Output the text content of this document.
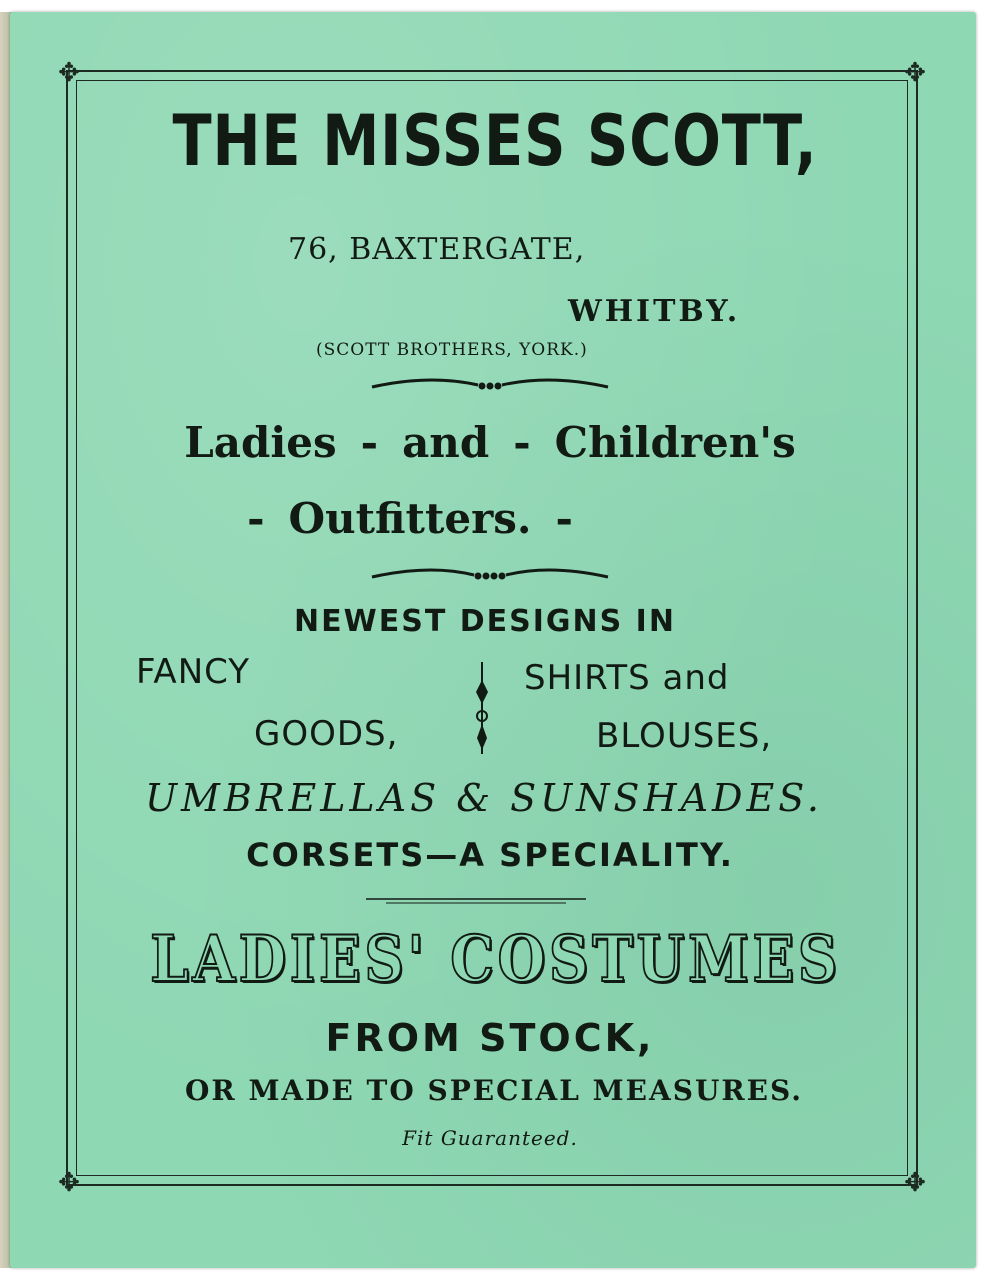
✥	✥
✥	✥
THE MISSES SCOTT,
76, BAXTERGATE,
WHITBY.
(SCOTT BROTHERS, YORK.)
Ladies - and - Children's
- Outfitters. -
NEWEST DESIGNS IN
FANCY
GOODS,
SHIRTS and
BLOUSES,
UMBRELLAS & SUNSHADES.
CORSETS—A SPECIALITY.
LADIES' COSTUMES
FROM STOCK,
OR MADE TO SPECIAL MEASURES.
Fit Guaranteed.
